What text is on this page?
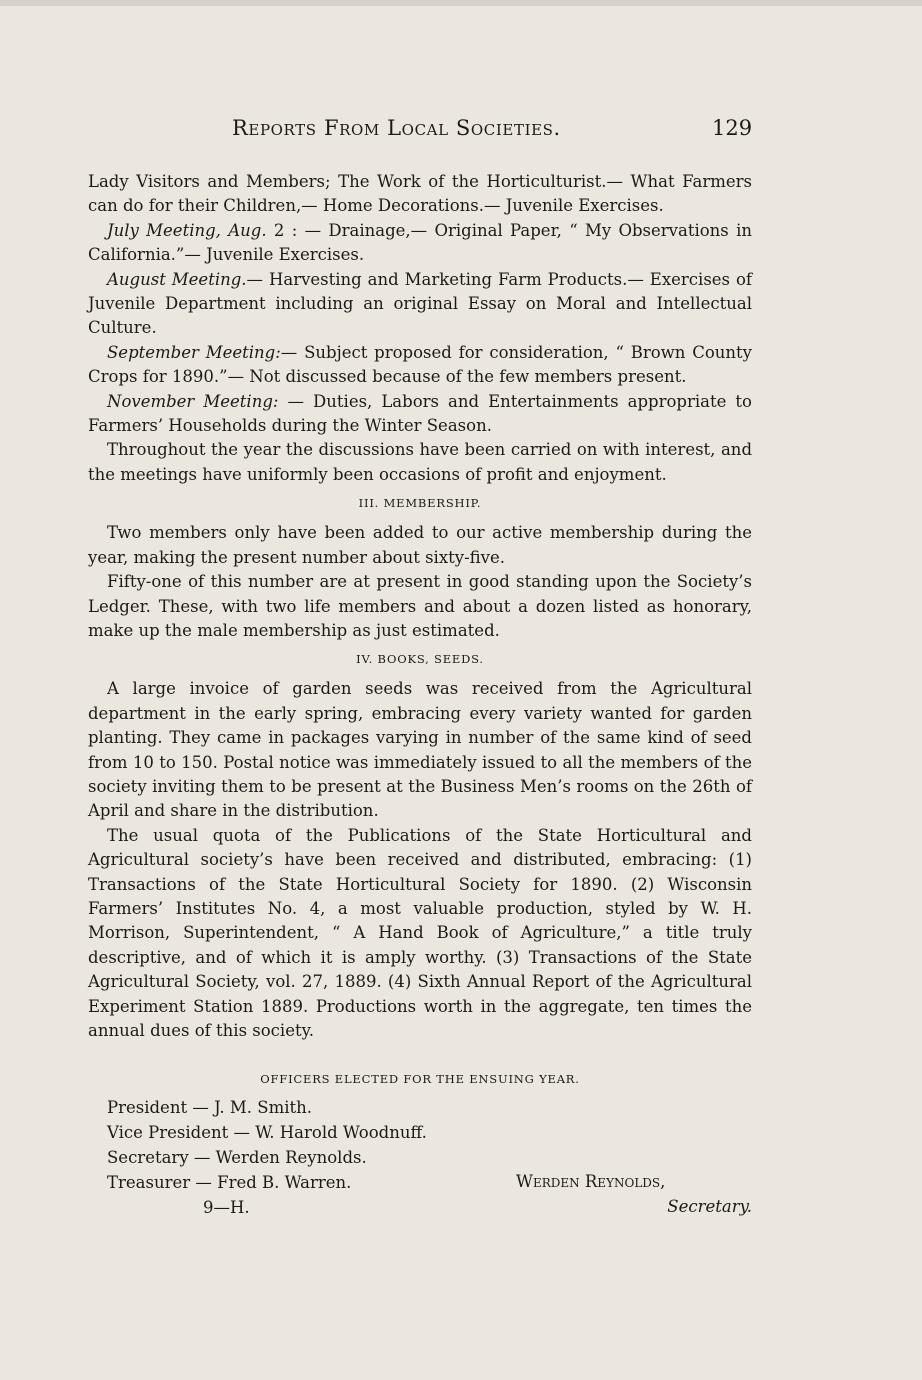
Reports From Local Societies.	129

Lady Visitors and Members; The Work of the Horticulturist.— What Farmers can do for their Children,— Home Decorations.— Juvenile Exercises.

July Meeting, Aug. 2 : — Drainage,— Original Paper, “ My Observations in California.”— Juvenile Exercises.

August Meeting.— Harvesting and Marketing Farm Products.— Exercises of Juvenile Department including an original Essay on Moral and Intellectual Culture.

September Meeting:— Subject proposed for consideration, “ Brown County Crops for 1890.”— Not discussed because of the few members present.

November Meeting: — Duties, Labors and Entertainments appropriate to Farmers’ Households during the Winter Season.

Throughout the year the discussions have been carried on with interest, and the meetings have uniformly been occasions of profit and enjoyment.

III. MEMBERSHIP.

Two members only have been added to our active membership during the year, making the present number about sixty-five.

Fifty-one of this number are at present in good standing upon the Society’s Ledger. These, with two life members and about a dozen listed as honorary, make up the male membership as just estimated.

IV. BOOKS, SEEDS.

A large invoice of garden seeds was received from the Agricultural department in the early spring, embracing every variety wanted for garden planting. They came in packages varying in number of the same kind of seed from 10 to 150. Postal notice was immediately issued to all the members of the society inviting them to be present at the Business Men’s rooms on the 26th of April and share in the distribution.

The usual quota of the Publications of the State Horticultural and Agricultural society’s have been received and distributed, embracing: (1) Transactions of the State Horticultural Society for 1890. (2) Wisconsin Farmers’ Institutes No. 4, a most valuable production, styled by W. H. Morrison, Superintendent, “ A Hand Book of Agriculture,” a title truly descriptive, and of which it is amply worthy. (3) Transactions of the State Agricultural Society, vol. 27, 1889. (4) Sixth Annual Report of the Agricultural Experiment Station 1889. Productions worth in the aggregate, ten times the annual dues of this society.

OFFICERS ELECTED FOR THE ENSUING YEAR.

President — J. M. Smith.
Vice President — W. Harold Woodnuff.
Secretary — Werden Reynolds.
Treasurer — Fred B. Warren.
9—H.
Werden Reynolds,
Secretary.
